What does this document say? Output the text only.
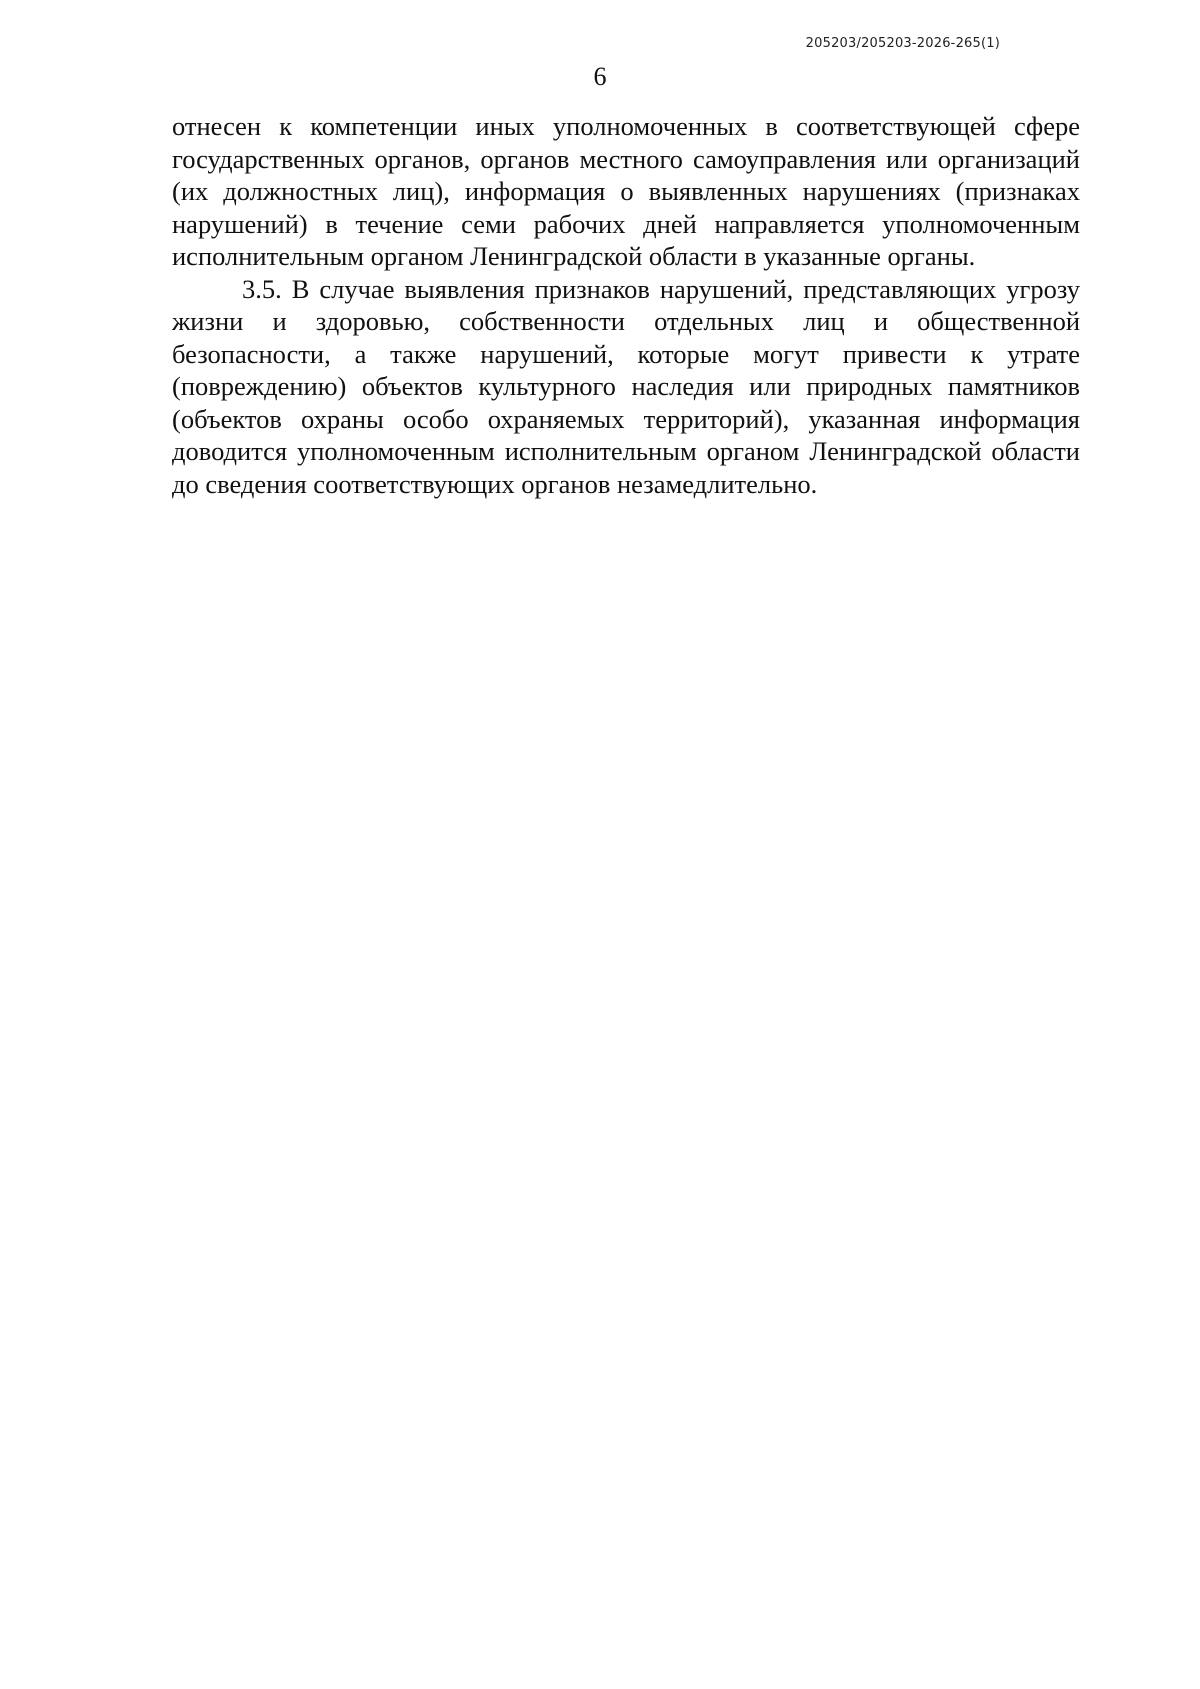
205203/205203-2026-265(1)
6

отнесен к компетенции иных уполномоченных в соответствующей сфере государственных органов, органов местного самоуправления или организаций (их должностных лиц), информация о выявленных нарушениях (признаках нарушений) в течение семи рабочих дней направляется уполномоченным исполнительным органом Ленинградской области в указанные органы.

3.5. В случае выявления признаков нарушений, представляющих угрозу жизни и здоровью, собственности отдельных лиц и общественной безопасности, а также нарушений, которые могут привести к утрате (повреждению) объектов культурного наследия или природных памятников (объектов охраны особо охраняемых территорий), указанная информация доводится уполномоченным исполнительным органом Ленинградской области до сведения соответствующих органов незамедлительно.
